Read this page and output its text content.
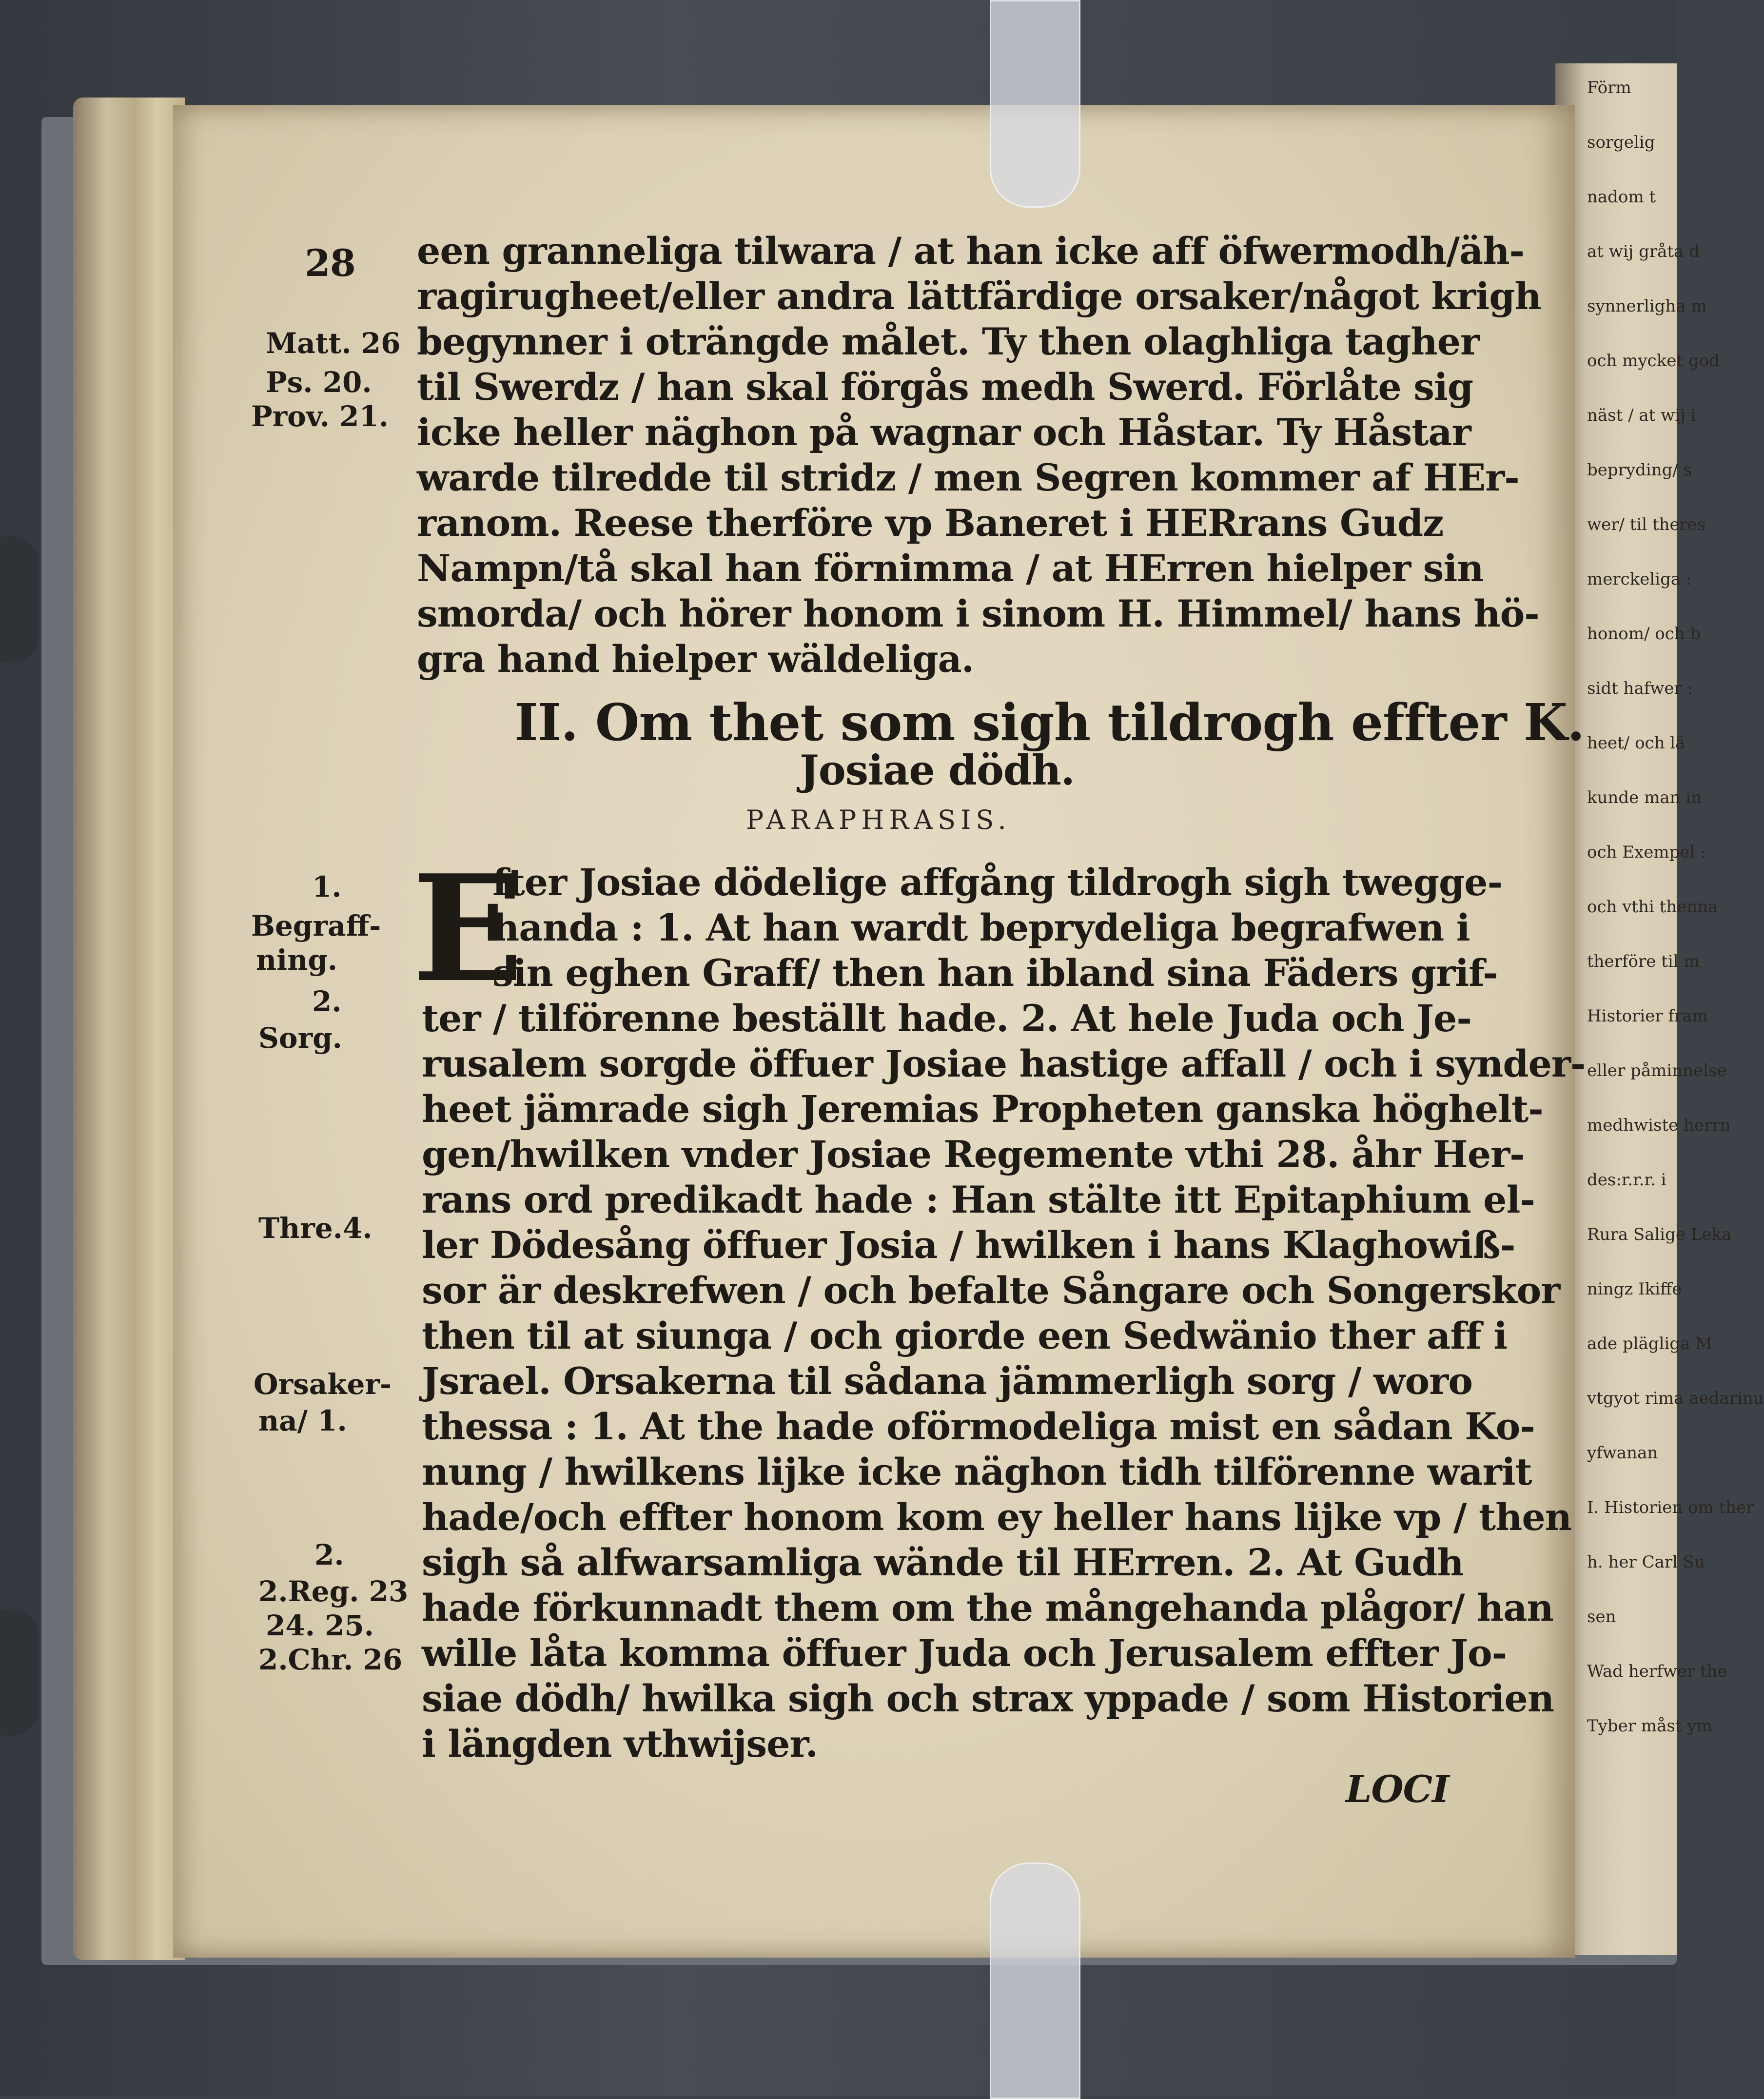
Förm
sorgelig
nadom t
at wij gråta d
synnerligha m
och mycket god
näst / at wij i
bepryding/ s
wer/ til theres
merckeliga :
honom/ och b
sidt hafwer :
heet/ och lä
kunde man in
och Exempel :
och vthi thenna
therföre til m
Historier fram
eller påminnelse
medhwiste herrn
des:r.r.r. i
Rura Salige Leka
ningz Ikiffe
ade plägliga M
vtgyot rima aedarinu
yfwanan
I. Historien om ther
h. her Carl Su
sen
Wad herfwer the
Tyber måst ym
28
Matt. 26
Ps. 20.
Prov. 21.
een granneliga tilwara / at han icke aff öfwermodh/äh-
ragirugheet/eller andra lättfärdige orsaker/något krigh
begynner i oträngde målet. Ty then olaghliga tagher
til Swerdz / han skal förgås medh Swerd. Förlåte sig
icke heller näghon på wagnar och Håstar. Ty Håstar
warde tilredde til stridz / men Segren kommer af HEr-
ranom. Reese therföre vp Baneret i HERrans Gudz
Nampn/tå skal han förnimma / at HErren hielper sin
smorda/ och hörer honom i sinom H. Himmel/ hans hö-
gra hand hielper wäldeliga.
II. Om thet som sigh tildrogh effter K.
Josiae dödh.
PARAPHRASIS.
E
fter Josiae dödelige affgång tildrogh sigh twegge-
handa : 1. At han wardt beprydeliga begrafwen i
sin eghen Graff/ then han ibland sina Fäders grif-
ter / tilförenne beställt hade. 2. At hele Juda och Je-
rusalem sorgde öffuer Josiae hastige affall / och i synder-
heet jämrade sigh Jeremias Propheten ganska höghelt-
gen/hwilken vnder Josiae Regemente vthi 28. åhr Her-
rans ord predikadt hade : Han stälte itt Epitaphium el-
ler Dödesång öffuer Josia / hwilken i hans Klaghowiß-
sor är deskrefwen / och befalte Sångare och Songerskor
then til at siunga / och giorde een Sedwänio ther aff i
Jsrael. Orsakerna til sådana jämmerligh sorg / woro
thessa : 1. At the hade oförmodeliga mist en sådan Ko-
nung / hwilkens lijke icke näghon tidh tilförenne warit
hade/och effter honom kom ey heller hans lijke vp / then
sigh så alfwarsamliga wände til HErren. 2. At Gudh
hade förkunnadt them om the mångehanda plågor/ han
wille låta komma öffuer Juda och Jerusalem effter Jo-
siae dödh/ hwilka sigh och strax yppade / som Historien
i längden vthwijser.
1.
Begraff-
ning.
2.
Sorg.
Thre.4.
Orsaker-
na/ 1.
2.
2.Reg. 23
24. 25.
2.Chr. 26
LOCI
